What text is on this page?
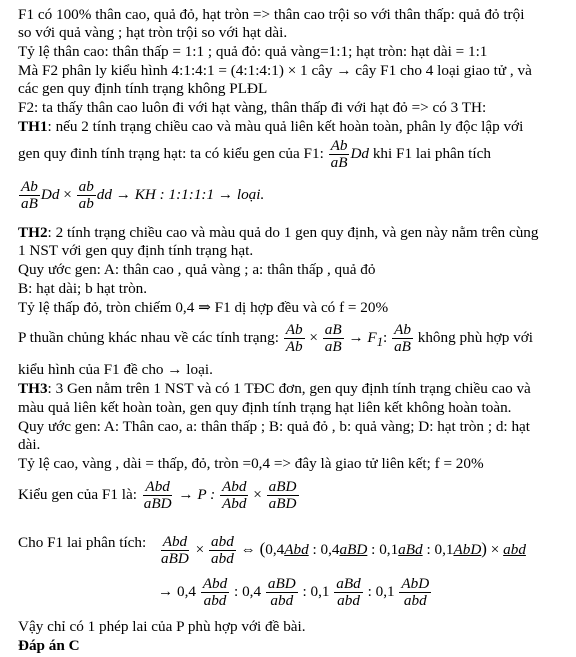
F1 có 100% thân cao, quả đỏ, hạt tròn => thân cao trội so với thân thấp: quả đỏ trội
so với quả vàng ; hạt tròn trội so với hạt dài.
Tỷ lệ thân cao: thân thấp = 1:1 ; quả đỏ: quả vàng=1:1; hạt tròn: hạt dài = 1:1
Mà F2 phân ly kiểu hình 4:1:4:1 = (4:1:4:1) × 1 cây → cây F1 cho 4 loại giao tử , và
các gen quy định tính trạng không PLĐL
F2: ta thấy thân cao luôn đi với hạt vàng, thân thấp đi với hạt đỏ => có 3 TH:
TH1: nếu 2 tính trạng chiều cao và màu quả liên kết hoàn toàn, phân ly độc lập với
gen quy đinh tính trạng hạt: ta có kiểu gen của F1: $\frac{Ab}{aB}$ Dd khi F1 lai phân tích
$\frac{Ab}{aB}$ $Dd \times \frac{ab}{ab}$ dd → KH : 1:1:1:1 → loại.
TH2: 2 tính trạng chiều cao và màu quả do 1 gen quy định, và gen này nằm trên cùng
1 NST với gen quy định tính trạng hạt.
Quy ước gen: A: thân cao , quả vàng ; a: thân thấp , quả đỏ
B: hạt dài; b hạt tròn.
Tỷ lệ thấp đỏ, tròn chiếm 0,4 ⇒ F1 dị hợp đều và có f = 20%
P thuần chủng khác nhau về các tính trạng: $\frac{Ab}{Ab} \times \frac{aB}{aB} \to F_1$: $\frac{Ab}{aB}$ không phù hợp với
kiểu hình của F1 đề cho → loại.
TH3: 3 Gen nằm trên 1 NST và có 1 TĐC đơn, gen quy định tính trạng chiều cao và
màu quả liên kết hoàn toàn, gen quy định tính trạng hạt liên kết không hoàn toàn.
Quy ước gen: A: Thân cao, a: thân thấp ; B: quả đỏ , b: quả vàng; D: hạt tròn ; d: hạt
dài.
Tỷ lệ cao, vàng , dài = thấp, đỏ, tròn =0,4 => đây là giao tử liên kết; f = 20%
Kiểu gen của F1 là: $\frac{\text{Abd}}{\text{aBD}} \to P$ : $\frac{\text{Abd}}{\text{Abd}} \times \frac{\text{aBD}}{\text{aBD}}$
Cho F1 lai phân tích: $\frac{\text{Abd}}{\text{aBD}} \times \frac{\text{abd}}{\text{abd}}$ ⇔ (0,4Abd : 0,4aBD : 0,1aBd : 0,1AbD) × abd
→ $0,4 \frac{\text{Abd}}{\text{abd}}$ : $0,4 \frac{\text{aBD}}{\text{abd}}$ : $0,1 \frac{\text{aBd}}{\text{abd}}$ : $0,1 \frac{\text{AbD}}{\text{abd}}$
Vậy chỉ có 1 phép lai của P phù hợp với đề bài.
Đáp án C
